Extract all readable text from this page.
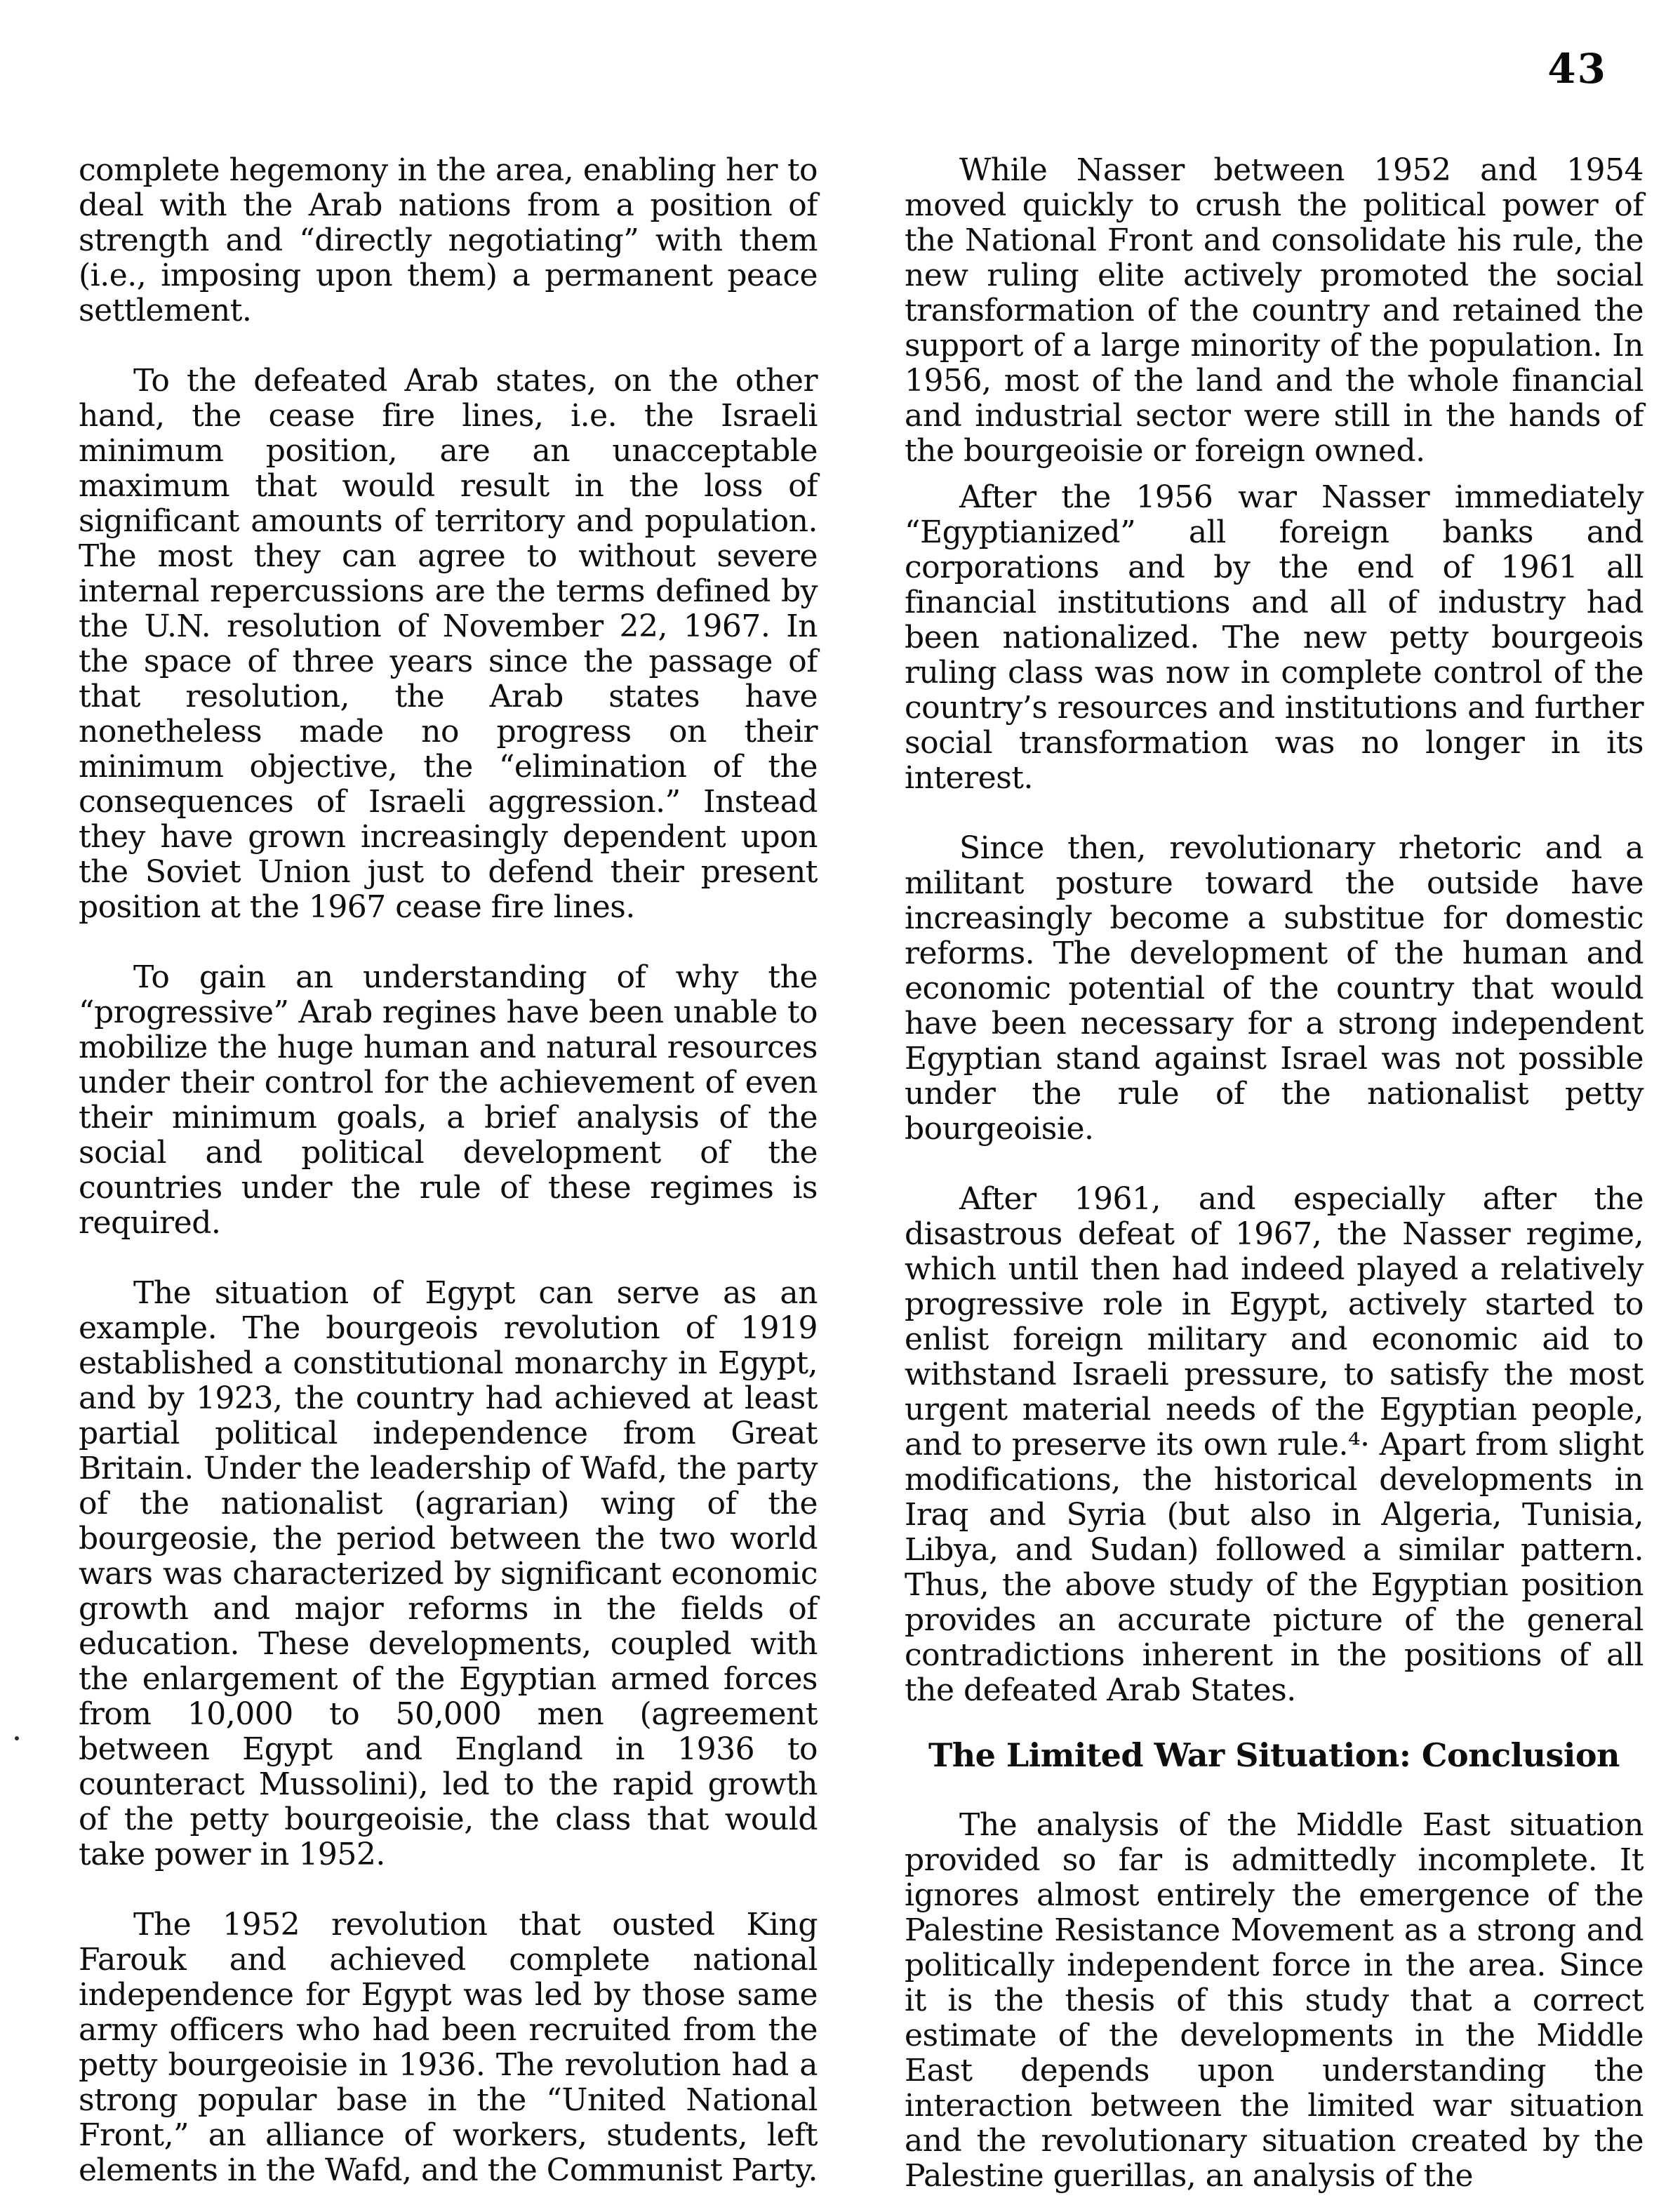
43

complete hegemony in the area, enabling her to deal with the Arab nations from a position of strength and “directly negotiating” with them (i.e., imposing upon them) a permanent peace settlement.

To the defeated Arab states, on the other hand, the cease fire lines, i.e. the Israeli minimum position, are an unacceptable maximum that would result in the loss of significant amounts of territory and population. The most they can agree to without severe internal repercussions are the terms defined by the U.N. resolution of November 22, 1967. In the space of three years since the passage of that resolution, the Arab states have nonetheless made no progress on their minimum objective, the “elimination of the consequences of Israeli aggression.” Instead they have grown increasingly dependent upon the Soviet Union just to defend their present position at the 1967 cease fire lines.

To gain an understanding of why the “progressive” Arab regines have been unable to mobilize the huge human and natural resources under their control for the achievement of even their minimum goals, a brief analysis of the social and political development of the countries under the rule of these regimes is required.

The situation of Egypt can serve as an example. The bourgeois revolution of 1919 established a constitutional monarchy in Egypt, and by 1923, the country had achieved at least partial political independence from Great Britain. Under the leadership of Wafd, the party of the nationalist (agrarian) wing of the bourgeosie, the period between the two world wars was characterized by significant economic growth and major reforms in the fields of education. These developments, coupled with the enlargement of the Egyptian armed forces from 10,000 to 50,000 men (agreement between Egypt and England in 1936 to counteract Mussolini), led to the rapid growth of the petty bourgeoisie, the class that would take power in 1952.

The 1952 revolution that ousted King Farouk and achieved complete national independence for Egypt was led by those same army officers who had been recruited from the petty bourgeoisie in 1936. The revolution had a strong popular base in the “United National Front,” an alliance of workers, students, left elements in the Wafd, and the Communist Party.

While Nasser between 1952 and 1954 moved quickly to crush the political power of the National Front and consolidate his rule, the new ruling elite actively promoted the social transformation of the country and retained the support of a large minority of the population. In 1956, most of the land and the whole financial and industrial sector were still in the hands of the bourgeoisie or foreign owned.

After the 1956 war Nasser immediately “Egyptianized” all foreign banks and corporations and by the end of 1961 all financial institutions and all of industry had been nationalized. The new petty bourgeois ruling class was now in complete control of the country’s resources and institutions and further social transformation was no longer in its interest.

Since then, revolutionary rhetoric and a militant posture toward the outside have increasingly become a substitue for domestic reforms. The development of the human and economic potential of the country that would have been necessary for a strong independent Egyptian stand against Israel was not possible under the rule of the nationalist petty bourgeoisie.

After 1961, and especially after the disastrous defeat of 1967, the Nasser regime, which until then had indeed played a relatively progressive role in Egypt, actively started to enlist foreign military and economic aid to withstand Israeli pressure, to satisfy the most urgent material needs of the Egyptian people, and to preserve its own rule.⁴· Apart from slight modifications, the historical developments in Iraq and Syria (but also in Algeria, Tunisia, Libya, and Sudan) followed a similar pattern. Thus, the above study of the Egyptian position provides an accurate picture of the general contradictions inherent in the positions of all the defeated Arab States.

The Limited War Situation: Conclusion

The analysis of the Middle East situation provided so far is admittedly incomplete. It ignores almost entirely the emergence of the Palestine Resistance Movement as a strong and politically independent force in the area. Since it is the thesis of this study that a correct estimate of the developments in the Middle East depends upon understanding the interaction between the limited war situation and the revolutionary situation created by the Palestine guerillas, an analysis of the
